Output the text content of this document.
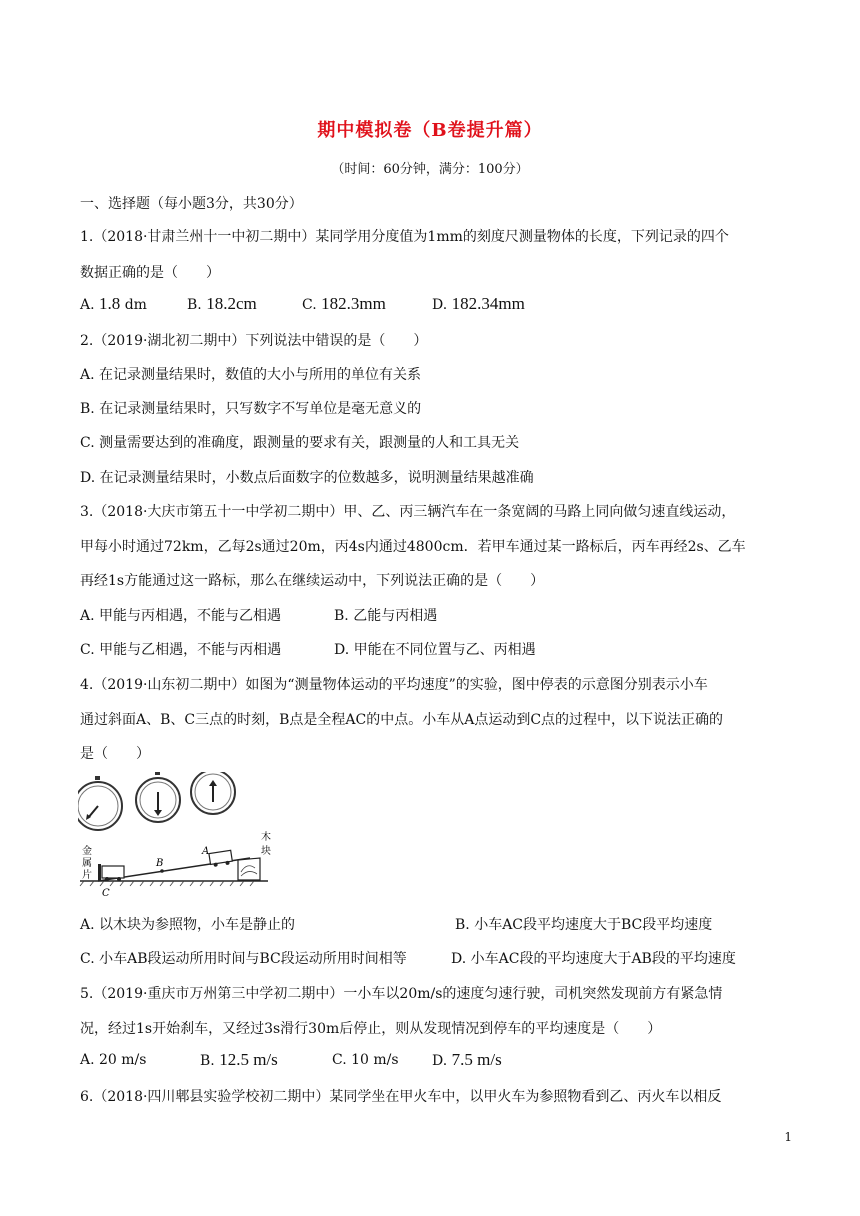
期中模拟卷（B卷提升篇）
（时间：60分钟，满分：100分）
一、选择题（每小题3分，共30分）
1.（2018·甘肃兰州十一中初二期中）某同学用分度值为1mm的刻度尺测量物体的长度，下列记录的四个
数据正确的是（　　）
A. 1.8 dm	B. 18.2cm	C. 182.3mm	D. 182.34mm
2.（2019·湖北初二期中）下列说法中错误的是（　　）
A. 在记录测量结果时，数值的大小与所用的单位有关系
B. 在记录测量结果时，只写数字不写单位是毫无意义的
C. 测量需要达到的准确度，跟测量的要求有关，跟测量的人和工具无关
D. 在记录测量结果时，小数点后面数字的位数越多，说明测量结果越准确
3.（2018·大庆市第五十一中学初二期中）甲、乙、丙三辆汽车在一条宽阔的马路上同向做匀速直线运动，
甲每小时通过72km，乙每2s通过20m，丙4s内通过4800cm．若甲车通过某一路标后，丙车再经2s、乙车
再经1s方能通过这一路标，那么在继续运动中，下列说法正确的是（　　）
A. 甲能与丙相遇，不能与乙相遇	B. 乙能与丙相遇
C. 甲能与乙相遇，不能与丙相遇	D. 甲能在不同位置与乙、丙相遇
4.（2019·山东初二期中）如图为“测量物体运动的平均速度”的实验，图中停表的示意图分别表示小车
通过斜面A、B、C三点的时刻，B点是全程AC的中点。小车从A点运动到C点的过程中，以下说法正确的
是（　　）
金
属
片
木
块
A
B
C
A. 以木块为参照物，小车是静止的	B. 小车AC段平均速度大于BC段平均速度
C. 小车AB段运动所用时间与BC段运动所用时间相等	D. 小车AC段的平均速度大于AB段的平均速度
5.（2019·重庆市万州第三中学初二期中）一小车以20m/s的速度匀速行驶，司机突然发现前方有紧急情
况，经过1s开始刹车，又经过3s滑行30m后停止，则从发现情况到停车的平均速度是（　　）
A. 20 m/s	B. 12.5 m/s	C. 10 m/s D. 7.5 m/s
6.（2018·四川郫县实验学校初二期中）某同学坐在甲火车中，以甲火车为参照物看到乙、丙火车以相反
1
